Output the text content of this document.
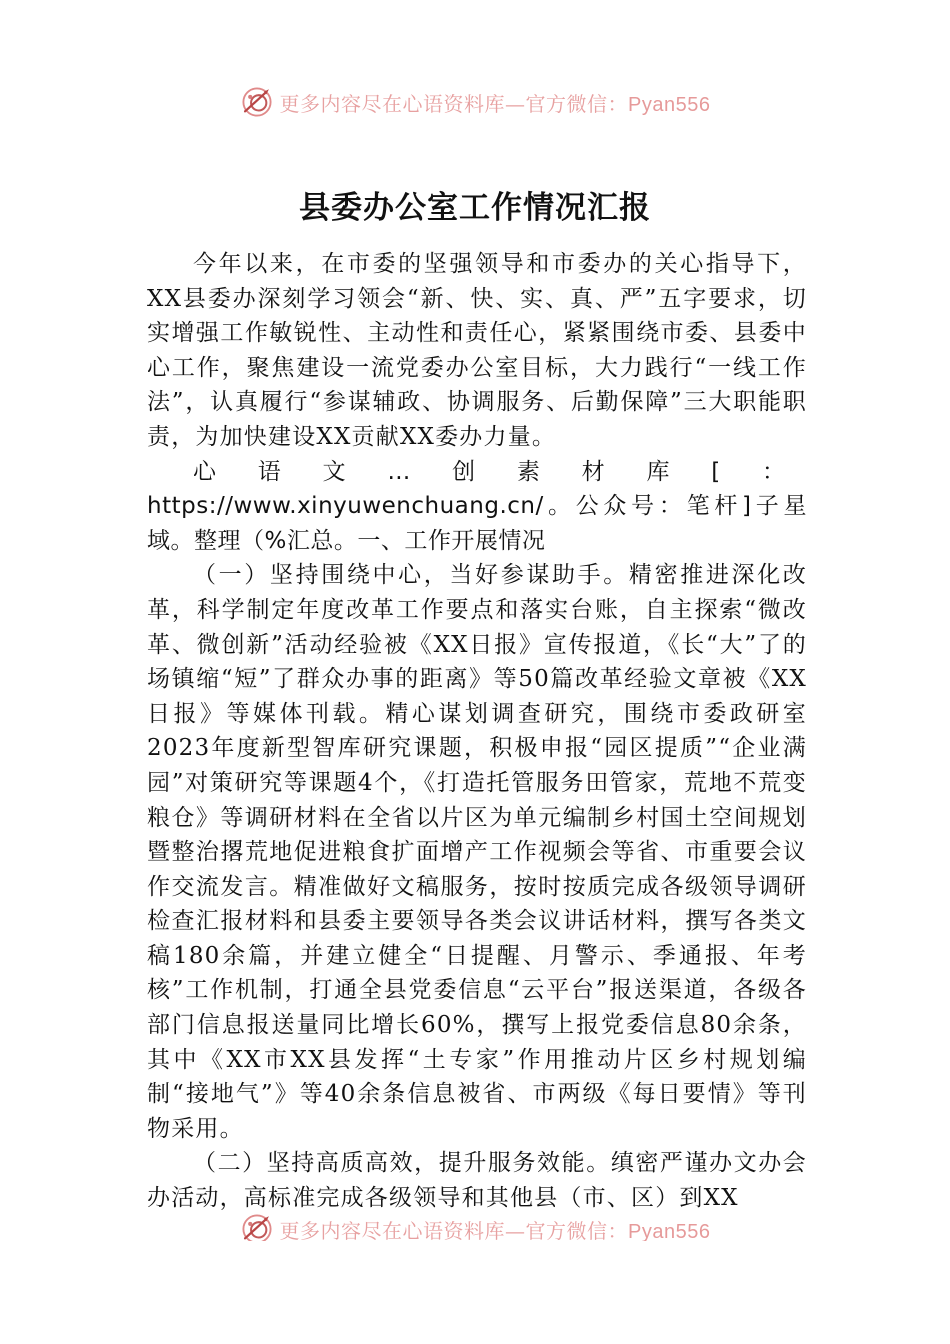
更多内容尽在心语资料库—官方微信：Pyan556
县委办公室工作情况汇报

今年以来，在市委的坚强领导和市委办的关心指导下，XX县委办深刻学习领会“新、快、实、真、严”五字要求，切实增强工作敏锐性、主动性和责任心，紧紧围绕市委、县委中心工作，聚焦建设一流党委办公室目标，大力践行“一线工作法”，认真履行“参谋辅政、协调服务、后勤保障”三大职能职责，为加快建设XX贡献XX委办力量。

心语文…创素材库[：https://www.xinyuwenchuang.cn/。公众号：笔杆]子星域。整理（%汇总。一、工作开展情况

（一）坚持围绕中心，当好参谋助手。精密推进深化改革，科学制定年度改革工作要点和落实台账，自主探索“微改革、微创新”活动经验被《XX日报》宣传报道，《长“大”了的场镇缩“短”了群众办事的距离》等50篇改革经验文章被《XX日报》等媒体刊载。精心谋划调查研究，围绕市委政研室2023年度新型智库研究课题，积极申报“园区提质”“企业满园”对策研究等课题4个，《打造托管服务田管家，荒地不荒变粮仓》等调研材料在全省以片区为单元编制乡村国土空间规划暨整治撂荒地促进粮食扩面增产工作视频会等省、市重要会议作交流发言。精准做好文稿服务，按时按质完成各级领导调研检查汇报材料和县委主要领导各类会议讲话材料，撰写各类文稿180余篇，并建立健全“日提醒、月警示、季通报、年考核”工作机制，打通全县党委信息“云平台”报送渠道，各级各部门信息报送量同比增长60%，撰写上报党委信息80余条，其中《XX市XX县发挥“土专家”作用推动片区乡村规划编制“接地气”》等40余条信息被省、市两级《每日要情》等刊物采用。

（二）坚持高质高效，提升服务效能。缜密严谨办文办会办活动，高标准完成各级领导和其他县（市、区）到XX

更多内容尽在心语资料库—官方微信：Pyan556
